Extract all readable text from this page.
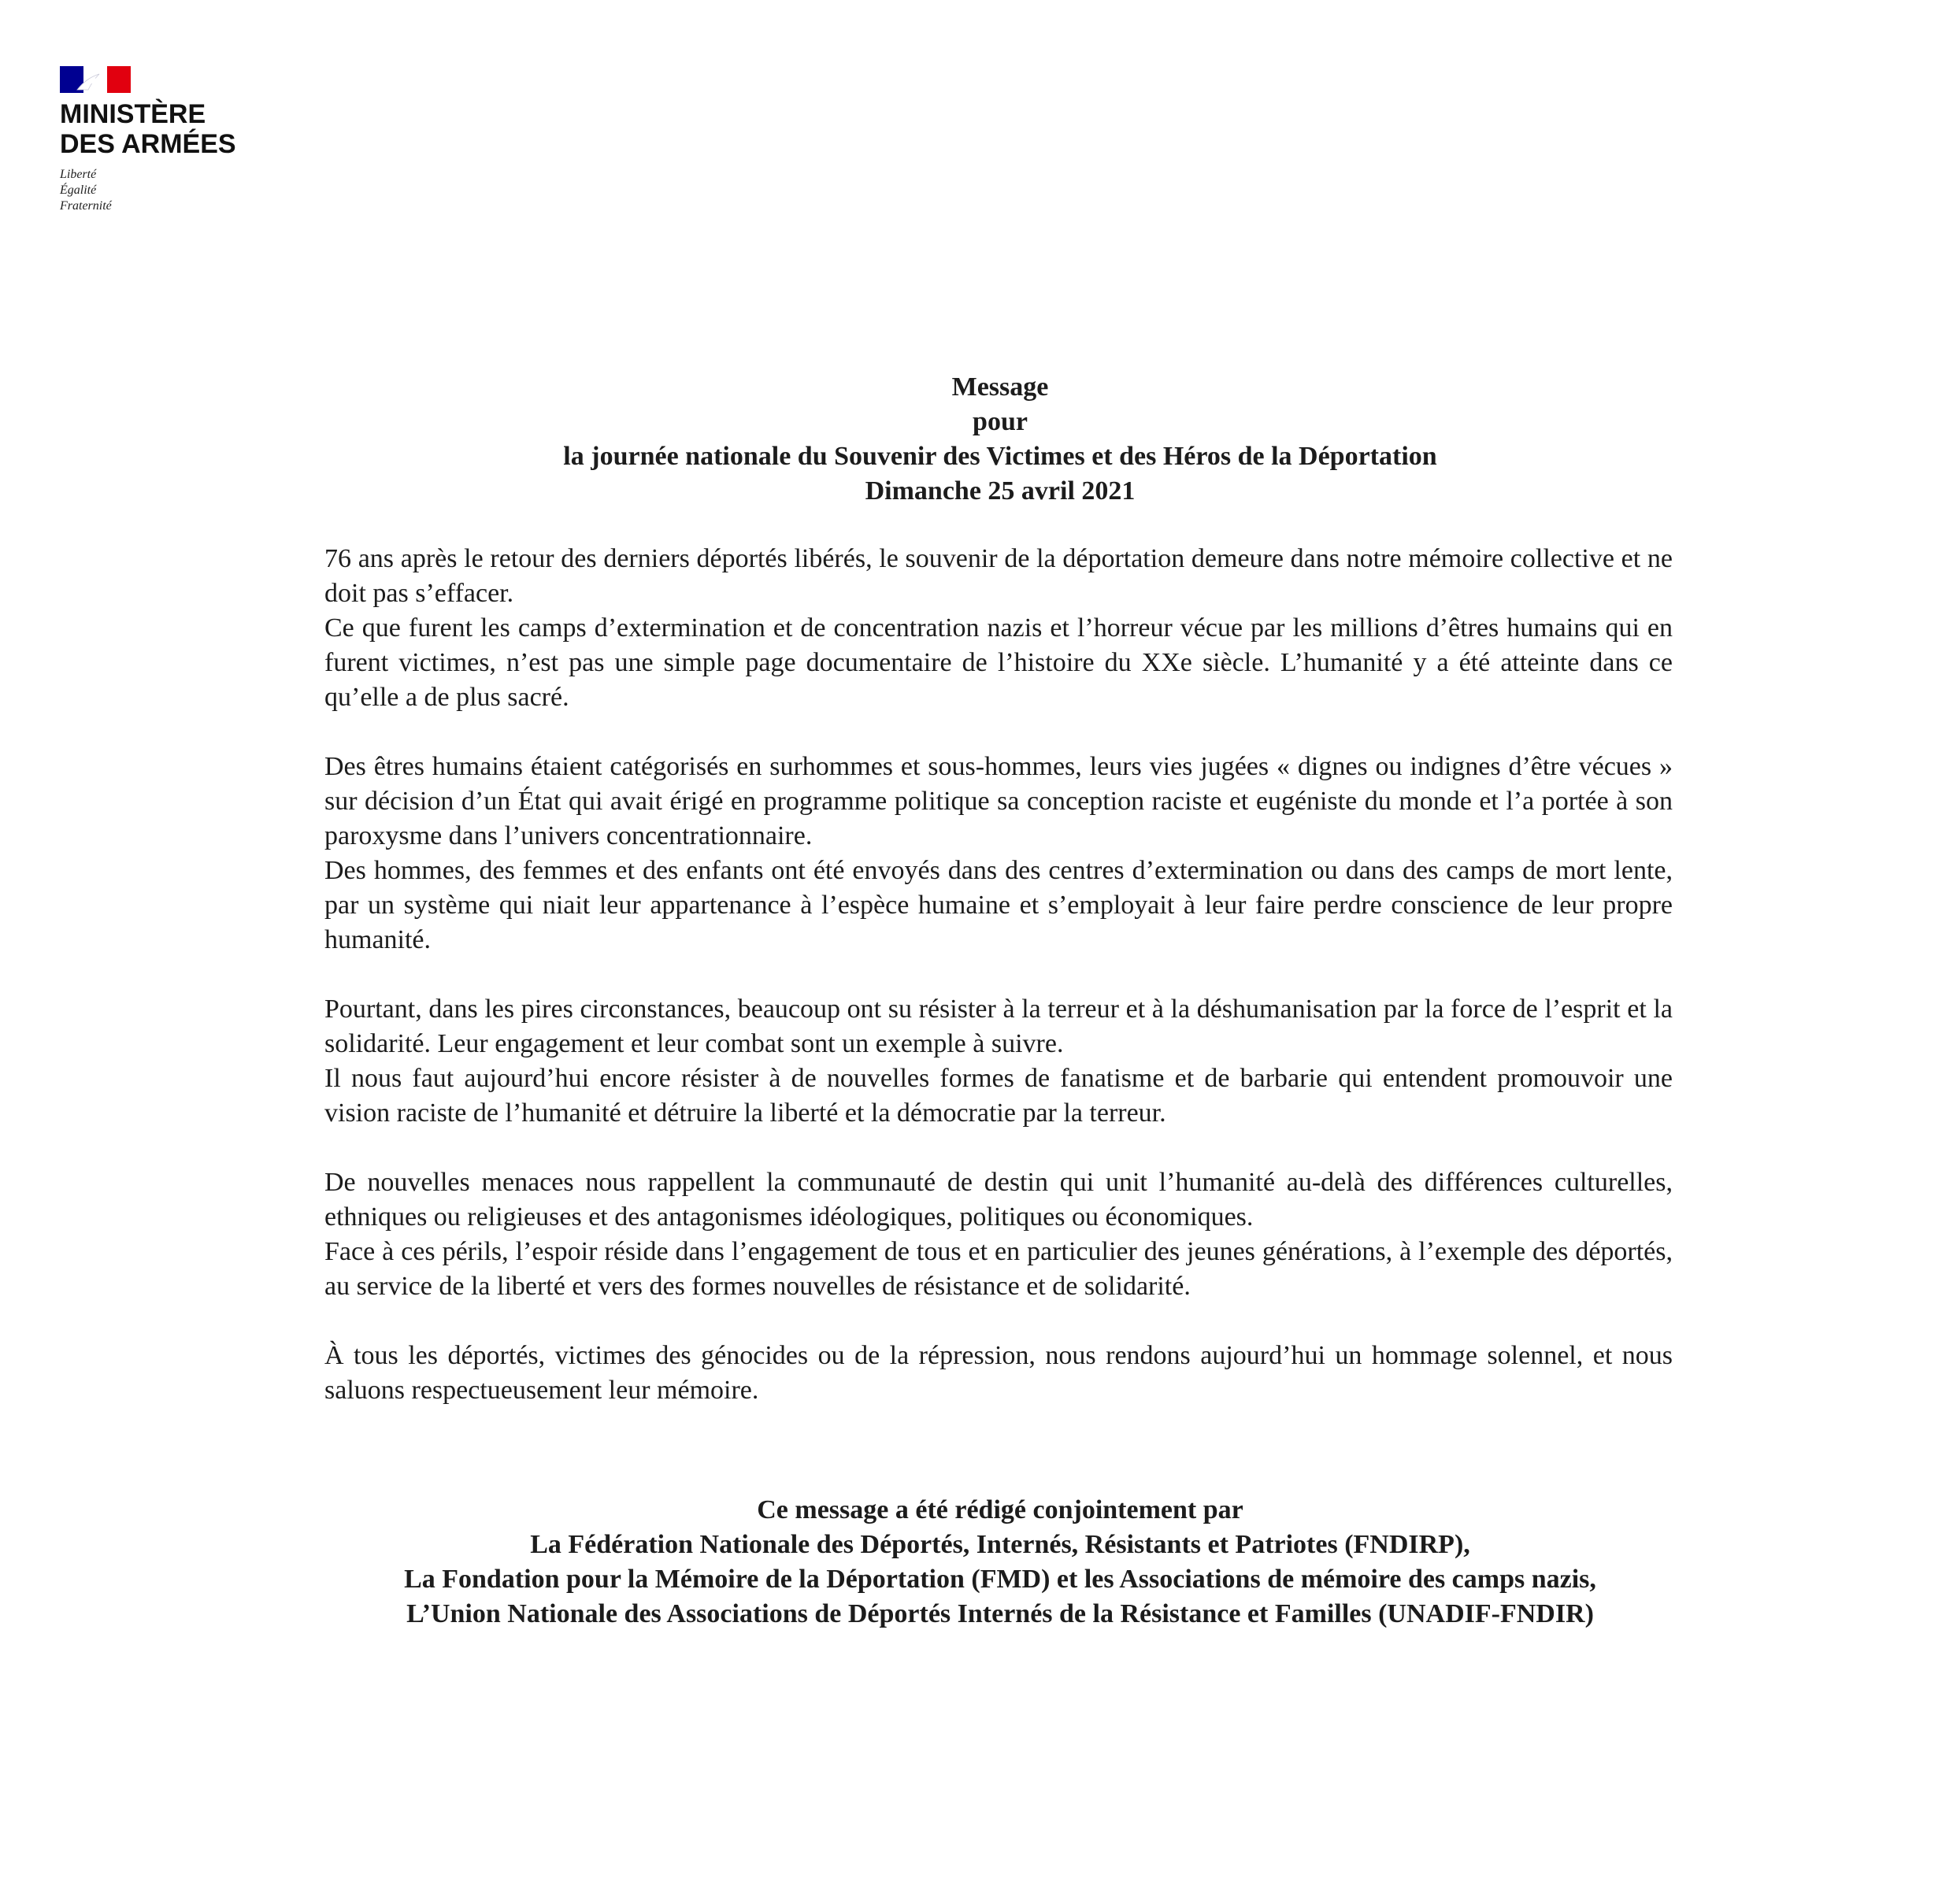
MINISTÈRE
DES ARMÉES
Liberté
Égalité
Fraternité
Message
pour
la journée nationale du Souvenir des Victimes et des Héros de la Déportation
Dimanche 25 avril 2021

76 ans après le retour des derniers déportés libérés, le souvenir de la déportation demeure dans notre mémoire collective et ne doit pas s’effacer.

Ce que furent les camps d’extermination et de concentration nazis et l’horreur vécue par les millions d’êtres humains qui en furent victimes, n’est pas une simple page documentaire de l’histoire du XXe siècle. L’humanité y a été atteinte dans ce qu’elle a de plus sacré.

Des êtres humains étaient catégorisés en surhommes et sous-hommes, leurs vies jugées « dignes ou indignes d’être vécues » sur décision d’un État qui avait érigé en programme politique sa conception raciste et eugéniste du monde et l’a portée à son paroxysme dans l’univers concentrationnaire.

Des hommes, des femmes et des enfants ont été envoyés dans des centres d’extermination ou dans des camps de mort lente, par un système qui niait leur appartenance à l’espèce humaine et s’employait à leur faire perdre conscience de leur propre humanité.

Pourtant, dans les pires circonstances, beaucoup ont su résister à la terreur et à la déshumanisation par la force de l’esprit et la solidarité. Leur engagement et leur combat sont un exemple à suivre.

Il nous faut aujourd’hui encore résister à de nouvelles formes de fanatisme et de barbarie qui entendent promouvoir une vision raciste de l’humanité et détruire la liberté et la démocratie par la terreur.

De nouvelles menaces nous rappellent la communauté de destin qui unit l’humanité au-delà des différences culturelles, ethniques ou religieuses et des antagonismes idéologiques, politiques ou économiques.

Face à ces périls, l’espoir réside dans l’engagement de tous et en particulier des jeunes générations, à l’exemple des déportés, au service de la liberté et vers des formes nouvelles de résistance et de solidarité.

À tous les déportés, victimes des génocides ou de la répression, nous rendons aujourd’hui un hommage solennel, et nous saluons respectueusement leur mémoire.

Ce message a été rédigé conjointement par
La Fédération Nationale des Déportés, Internés, Résistants et Patriotes (FNDIRP),
La Fondation pour la Mémoire de la Déportation (FMD) et les Associations de mémoire des camps nazis,
L’Union Nationale des Associations de Déportés Internés de la Résistance et Familles (UNADIF-FNDIR)
